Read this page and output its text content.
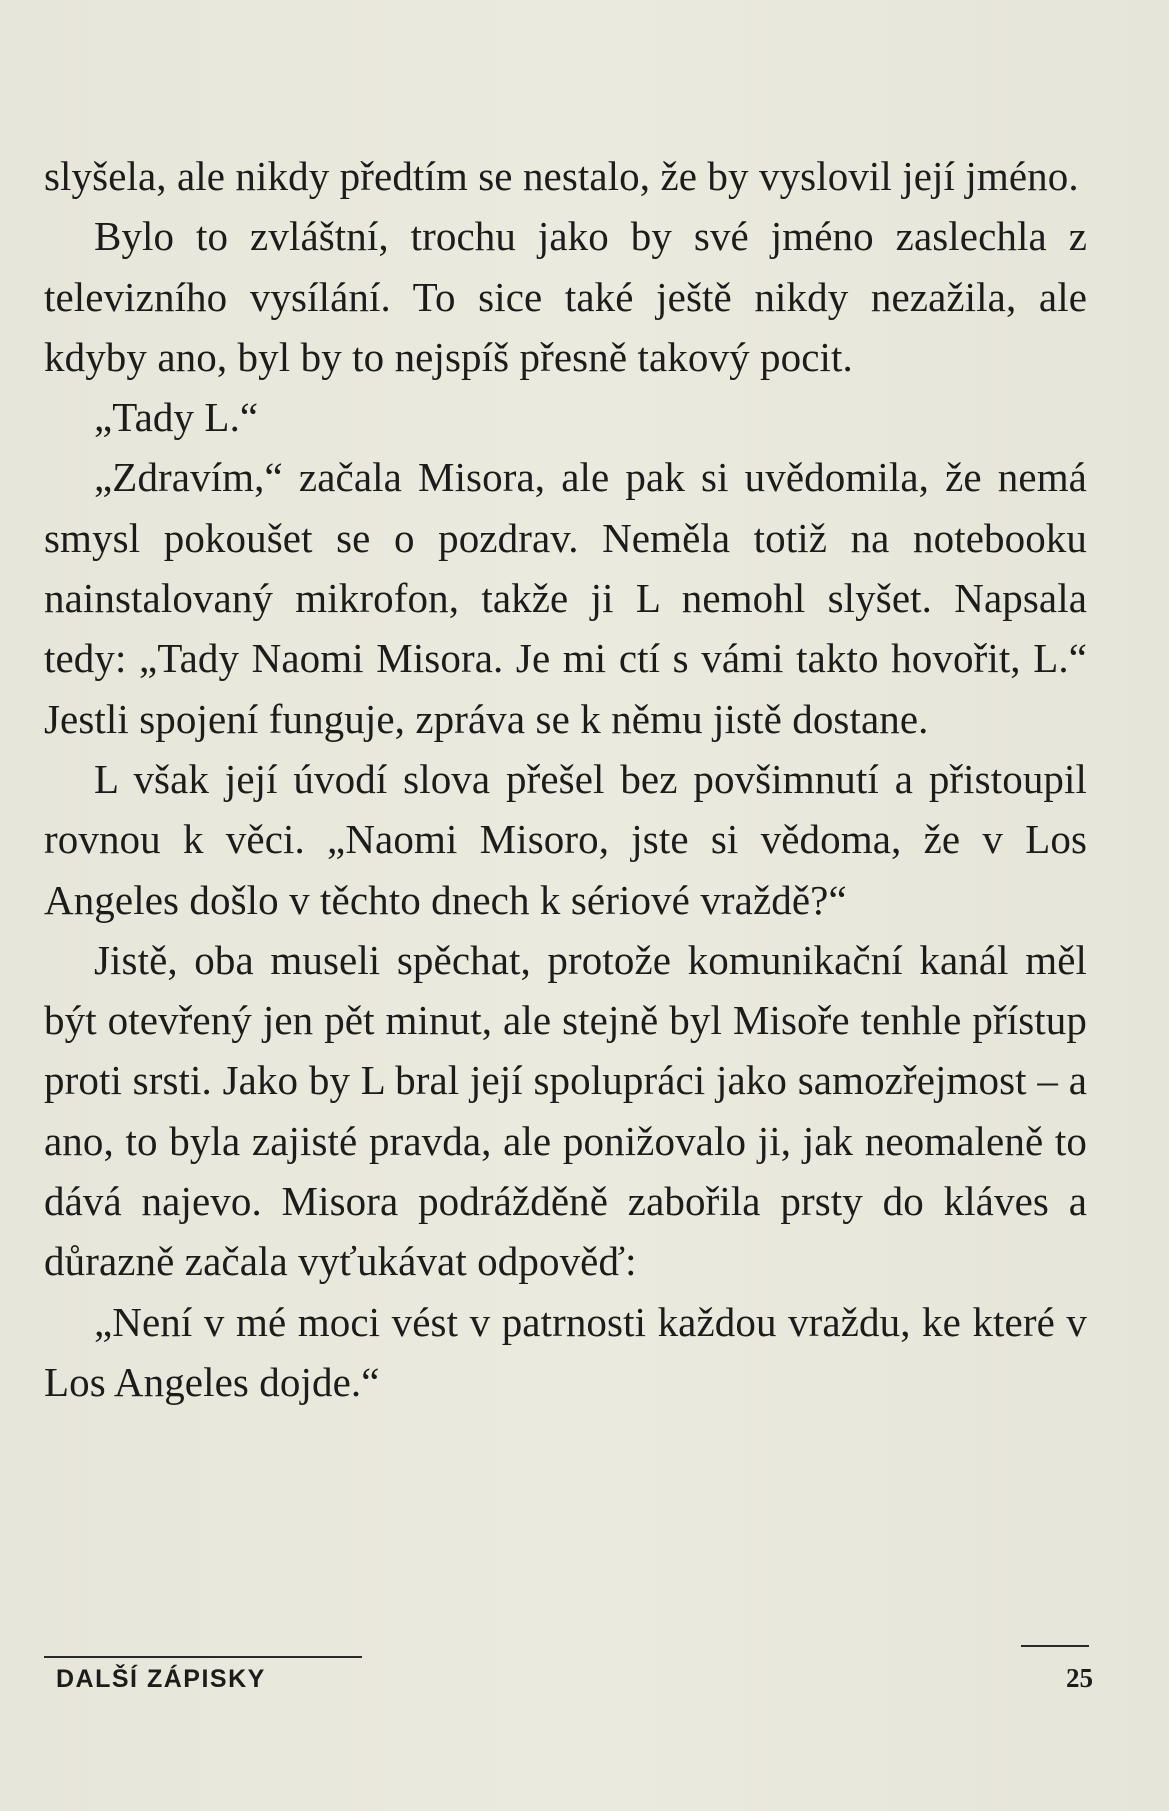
slyšela, ale nikdy předtím se nestalo, že by vyslovil její jméno.

Bylo to zvláštní, trochu jako by své jméno zaslechla z televizního vysílání. To sice také ještě nikdy nezažila, ale kdyby ano, byl by to nejspíš přesně takový pocit.

„Tady L.“

„Zdravím,“ začala Misora, ale pak si uvědomila, že nemá smysl pokoušet se o pozdrav. Neměla totiž na notebooku nainstalovaný mikrofon, takže ji L nemohl slyšet. Napsala tedy: „Tady Naomi Misora. Je mi ctí s vámi takto hovořit, L.“ Jestli spojení funguje, zpráva se k němu jistě dostane.

L však její úvodí slova přešel bez povšimnutí a přistoupil rovnou k věci. „Naomi Misoro, jste si vědoma, že v Los Angeles došlo v těchto dnech k sériové vraždě?“

Jistě, oba museli spěchat, protože komunikační kanál měl být otevřený jen pět minut, ale stejně byl Misoře tenhle přístup proti srsti. Jako by L bral její spolupráci jako samozřejmost – a ano, to byla zajisté pravda, ale ponižovalo ji, jak neomaleně to dává najevo. Misora podrážděně zabořila prsty do kláves a důrazně začala vyťukávat odpověď:

„Není v mé moci vést v patrnosti každou vraždu, ke které v Los Angeles dojde.“

DALŠÍ ZÁPISKY	25
